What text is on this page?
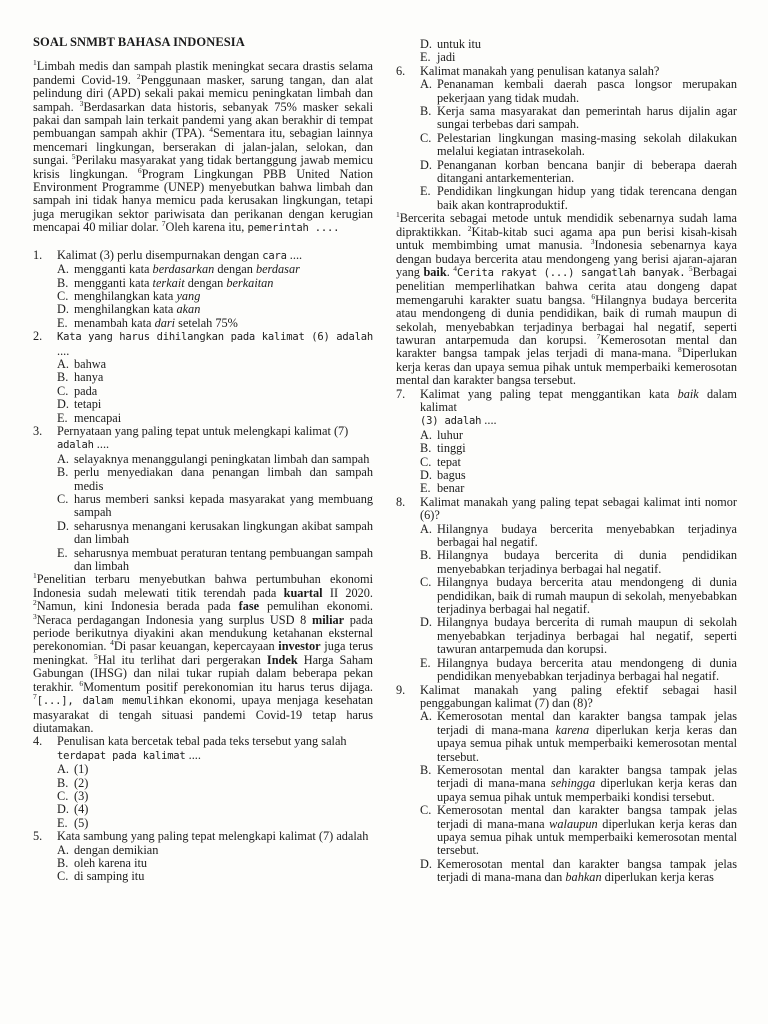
SOAL SNMBT BAHASA INDONESIA

$^1$Limbah medis dan sampah plastik meningkat secara drastis selama pandemi Covid-19. $^2$Penggunaan masker, sarung tangan, dan alat pelindung diri (APD) sekali pakai memicu peningkatan limbah dan sampah. $^3$Berdasarkan data historis, sebanyak 75% masker sekali pakai dan sampah lain terkait pandemi yang akan berakhir di tempat pembuangan sampah akhir (TPA). $^4$Sementara itu, sebagian lainnya mencemari lingkungan, berserakan di jalan-jalan, selokan, dan sungai. $^5$Perilaku masyarakat yang tidak bertanggung jawab memicu krisis lingkungan. $^6$Program Lingkungan PBB United Nation Environment Programme (UNEP) menyebutkan bahwa limbah dan sampah ini tidak hanya memicu pada kerusakan lingkungan, tetapi juga merugikan sektor pariwisata dan perikanan dengan kerugian mencapai 40 miliar dolar. $^7$Oleh karena itu, pemerintah ....

1.	Kalimat (3) perlu disempurnakan dengan cara ....
A. mengganti kata berdasarkan dengan berdasar
B. mengganti kata terkait dengan berkaitan
C. menghilangkan kata yang
D. menghilangkan kata akan
E. menambah kata dari setelah 75%
2.	Kata yang harus dihilangkan pada kalimat (6) adalah ....
A. bahwa
B. hanya
C. pada
D. tetapi
E. mencapai
3.	Pernyataan yang paling tepat untuk melengkapi kalimat (7)
adalah ....
A. selayaknya menanggulangi peningkatan limbah dan sampah
B. perlu menyediakan dana penangan limbah dan sampah medis
C. harus memberi sanksi kepada masyarakat yang membuang sampah
D. seharusnya menangani kerusakan lingkungan akibat sampah dan limbah
E. seharusnya membuat peraturan tentang pembuangan sampah dan limbah

$^1$Penelitian terbaru menyebutkan bahwa pertumbuhan ekonomi Indonesia sudah melewati titik terendah pada kuartal II 2020. $^2$Namun, kini Indonesia berada pada fase pemulihan ekonomi. $^3$Neraca perdagangan Indonesia yang surplus USD 8 miliar pada periode berikutnya diyakini akan mendukung ketahanan eksternal perekonomian. $^4$Di pasar keuangan, kepercayaan investor juga terus meningkat. $^5$Hal itu terlihat dari pergerakan Indek Harga Saham Gabungan (IHSG) dan nilai tukar rupiah dalam beberapa pekan terakhir. $^6$Momentum positif perekonomian itu harus terus dijaga. $^7$[...], dalam memulihkan ekonomi, upaya menjaga kesehatan masyarakat di tengah situasi pandemi Covid-19 tetap harus diutamakan.

4.	Penulisan kata bercetak tebal pada teks tersebut yang salah
terdapat pada kalimat ....
A. (1)
B. (2)
C. (3)
D. (4)
E. (5)
5.	Kata sambung yang paling tepat melengkapi kalimat (7) adalah
A. dengan demikian
B. oleh karena itu
C. di samping itu
D. untuk itu
E. jadi
6.	Kalimat manakah yang penulisan katanya salah?
A. Penanaman kembali daerah pasca longsor merupakan pekerjaan yang tidak mudah.
B. Kerja sama masyarakat dan pemerintah harus dijalin agar sungai terbebas dari sampah.
C. Pelestarian lingkungan masing-masing sekolah dilakukan melalui kegiatan intrasekolah.
D. Penanganan korban bencana banjir di beberapa daerah ditangani antarkementerian.
E. Pendidikan lingkungan hidup yang tidak terencana dengan baik akan kontraproduktif.

$^1$Bercerita sebagai metode untuk mendidik sebenarnya sudah lama dipraktikkan. $^2$Kitab-kitab suci agama apa pun berisi kisah-kisah untuk membimbing umat manusia. $^3$Indonesia sebenarnya kaya dengan budaya bercerita atau mendongeng yang berisi ajaran-ajaran yang baik. $^4$Cerita rakyat (...) sangatlah banyak. $^5$Berbagai penelitian memperlihatkan bahwa cerita atau dongeng dapat memengaruhi karakter suatu bangsa. $^6$Hilangnya budaya bercerita atau mendongeng di dunia pendidikan, baik di rumah maupun di sekolah, menyebabkan terjadinya berbagai hal negatif, seperti tawuran antarpemuda dan korupsi. $^7$Kemerosotan mental dan karakter bangsa tampak jelas terjadi di mana-mana. $^8$Diperlukan kerja keras dan upaya semua pihak untuk memperbaiki kemerosotan mental dan karakter bangsa tersebut.

7.	Kalimat yang paling tepat menggantikan kata baik dalam kalimat
(3) adalah ....
A. luhur
B. tinggi
C. tepat
D. bagus
E. benar
8.	Kalimat manakah yang paling tepat sebagai kalimat inti nomor (6)?
A. Hilangnya budaya bercerita menyebabkan terjadinya berbagai hal negatif.
B. Hilangnya budaya bercerita di dunia pendidikan menyebabkan terjadinya berbagai hal negatif.
C. Hilangnya budaya bercerita atau mendongeng di dunia pendidikan, baik di rumah maupun di sekolah, menyebabkan terjadinya berbagai hal negatif.
D. Hilangnya budaya bercerita di rumah maupun di sekolah menyebabkan terjadinya berbagai hal negatif, seperti tawuran antarpemuda dan korupsi.
E. Hilangnya budaya bercerita atau mendongeng di dunia pendidikan menyebabkan terjadinya berbagai hal negatif.
9.	Kalimat manakah yang paling efektif sebagai hasil penggabungan kalimat (7) dan (8)?
A. Kemerosotan mental dan karakter bangsa tampak jelas terjadi di mana-mana karena diperlukan kerja keras dan upaya semua pihak untuk memperbaiki kemerosotan mental tersebut.
B. Kemerosotan mental dan karakter bangsa tampak jelas terjadi di mana-mana sehingga diperlukan kerja keras dan upaya semua pihak untuk memperbaiki kondisi tersebut.
C. Kemerosotan mental dan karakter bangsa tampak jelas terjadi di mana-mana walaupun diperlukan kerja keras dan upaya semua pihak untuk memperbaiki kemerosotan mental tersebut.
D. Kemerosotan mental dan karakter bangsa tampak jelas terjadi di mana-mana dan bahkan diperlukan kerja keras
